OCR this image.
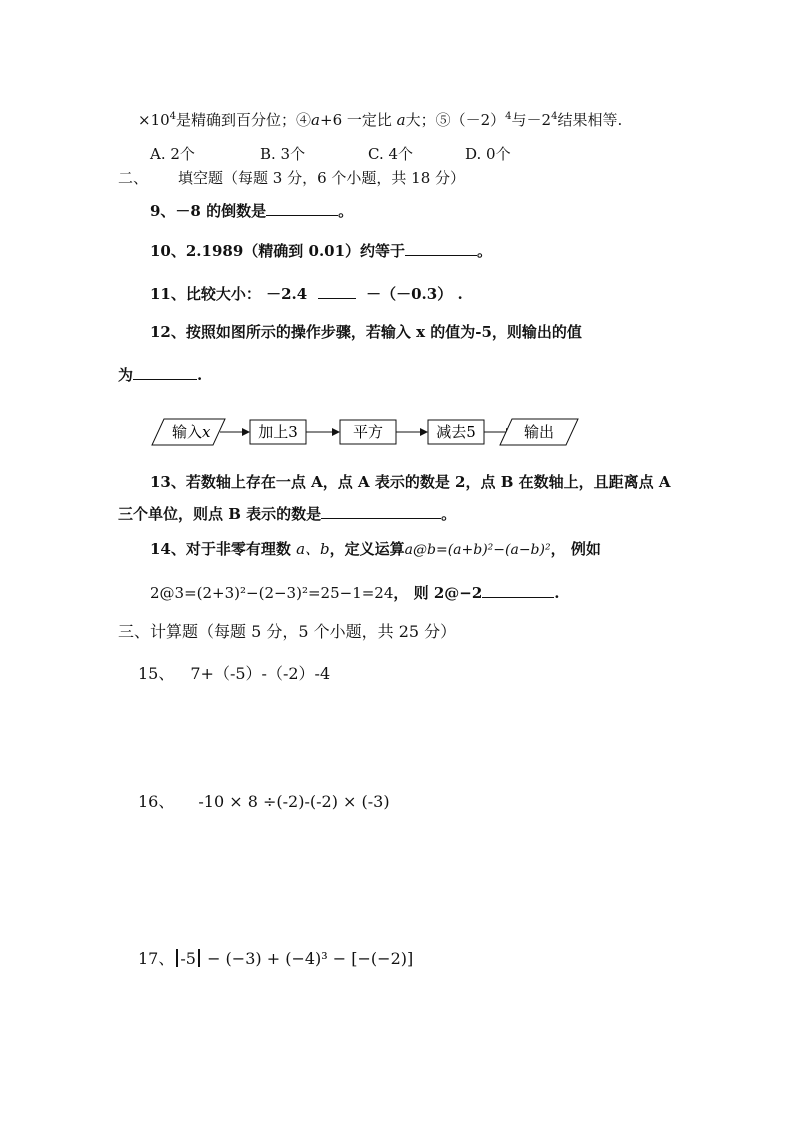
$\times 10^4$是精确到百分位；④a+6 一定比 a大；$⑤(-2)^4$与$-2^4$结果相等.
A. 2个	B. 3个	C. 4个	D. 0个
二、 填空题（每题 3 分，6 个小题，共 18 分）
9、－8 的倒数是	。
10、2.1989（精确到 0.01）约等于	。
11、比较大小： －2.4	－（－0.3） .
12、按照如图所示的操作步骤，若输入 x 的值为-5，则输出的值
为	.
输入 x	加上3	平方	减去5	输出
13、若数轴上存在一点 A，点 A 表示的数是 2，点 B 在数轴上，且距离点 A
三个单位，则点 B 表示的数是	。
14、对于非零有理数 a、b，定义运算a@b=(a+b)²−(a−b)²， 例如
2@3=(2+3)²−(2−3)²=25−1=24， 则 2@−2	.
三、计算题（每题 5 分，5 个小题，共 25 分）
15、 7+（-5）-（-2）-4
16、 -10 × 8 ÷(-2)-(-2) × (-3)
17、 -5 − (−3) + (−4)³ − [−(−2)]
